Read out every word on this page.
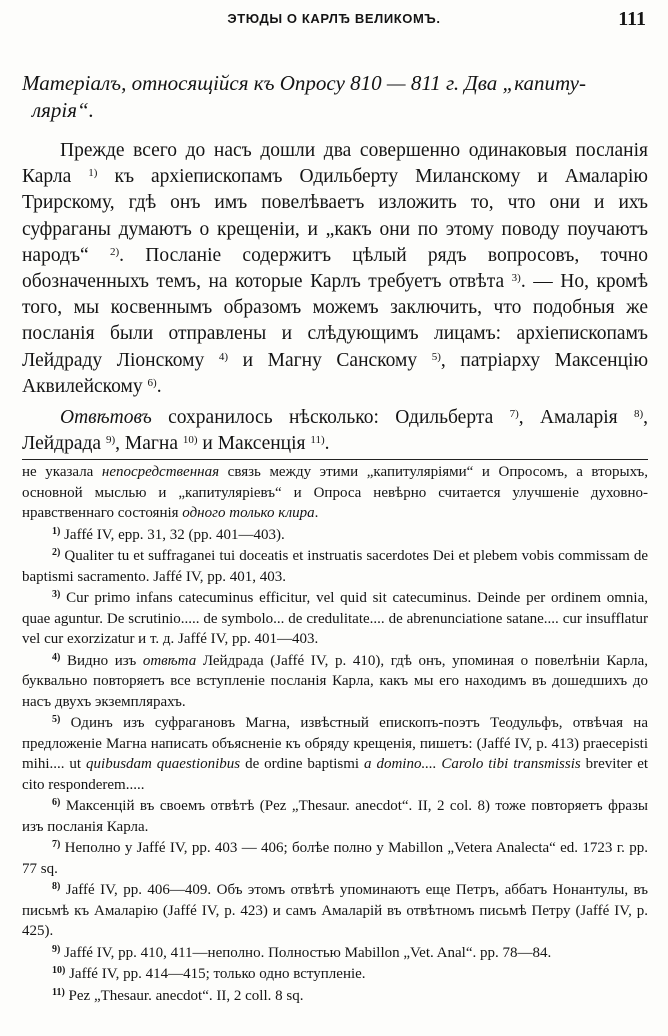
ЭТЮДЫ О КАРЛЂ ВЕЛИКОМЪ.	111
Матеріалъ, относящійся къ Опросу 810 — 811 г. Два „капиту-
лярія“.

Прежде всего до насъ дошли два совершенно одинаковыя посланія Карла $^{1)}$ къ архіепископамъ Одильберту Миланскому и Амаларію Трирскому, гдѣ онъ имъ повелѣваетъ изложить то, что они и ихъ суфраганы думаютъ о крещеніи, и „какъ они по этому поводу поучаютъ народъ“ $^{2)}$. Посланіе содержитъ цѣлый рядъ вопросовъ, точно обозначенныхъ темъ, на которые Карлъ требуетъ отвѣта $^{3)}$. — Но, кромѣ того, мы косвеннымъ образомъ можемъ заключить, что подобныя же посланія были отправлены и слѣдующимъ лицамъ: архіепископамъ Лейдраду Ліонскому $^{4)}$ и Магну Санскому $^{5)}$, патріарху Максенцію Аквилейскому $^{6)}$.

Отвѣтовъ сохранилось нѣсколько: Одильберта $^{7)}$, Амаларія $^{8)}$, Лейдрада $^{9)}$, Магна $^{10)}$ и Максенція $^{11)}$.

не указала непосредственная связь между этими „капитуляріями“ и Опросомъ, а вторыхъ, основной мыслью и „капитуляріевъ“ и Опроса невѣрно считается улучшеніе духовно-нравственнаго состоянія одного только клира.

$^{1)}$ Jaffé IV, epp. 31, 32 (pp. 401—403).

$^{2)}$ Qualiter tu et suffraganei tui doceatis et instruatis sacerdotes Dei et plebem vobis commissam de baptismi sacramento. Jaffé IV, pp. 401, 403.

$^{3)}$ Cur primo infans catecuminus efficitur, vel quid sit catecuminus. Deinde per ordinem omnia, quae aguntur. De scrutinio..... de symbolo... de credulitate.... de abrenunciatione satane.... cur insufflatur vel cur exorzizatur и т. д. Jaffé IV, pp. 401—403.

$^{4)}$ Видно изъ отвѣта Лейдрада (Jaffé IV, p. 410), гдѣ онъ, упоминая о повелѣніи Карла, буквально повторяетъ все вступленіе посланія Карла, какъ мы его находимъ въ дошедшихъ до насъ двухъ экземплярахъ.

$^{5)}$ Одинъ изъ суфрагановъ Магна, извѣстный епископъ-поэтъ Теодульфъ, отвѣчая на предложеніе Магна написать объясненіе къ обряду крещенія, пишетъ: (Jaffé IV, p. 413) praecepisti mihi.... ut quibusdam quaestionibus de ordine baptismi a domino.... Carolo tibi transmissis breviter et cito responderem.....

$^{6)}$ Максенцій въ своемъ отвѣтѣ (Pez „Thesaur. anecdot“. II, 2 col. 8) тоже повторяетъ фразы изъ посланія Карла.

$^{7)}$ Неполно у Jaffé IV, pp. 403 — 406; болѣе полно у Mabillon „Vetera Analecta“ ed. 1723 г. pp. 77 sq.

$^{8)}$ Jaffé IV, pp. 406—409. Объ этомъ отвѣтѣ упоминаютъ еще Петръ, аббатъ Нонантулы, въ письмѣ къ Амаларію (Jaffé IV, p. 423) и самъ Амаларій въ отвѣтномъ письмѣ Петру (Jaffé IV, p. 425).

$^{9)}$ Jaffé IV, pp. 410, 411—неполно. Полностью Mabillon „Vet. Anal“. pp. 78—84.

$^{10)}$ Jaffé IV, pp. 414—415; только одно вступленіе.

$^{11)}$ Pez „Thesaur. anecdot“. II, 2 coll. 8 sq.
